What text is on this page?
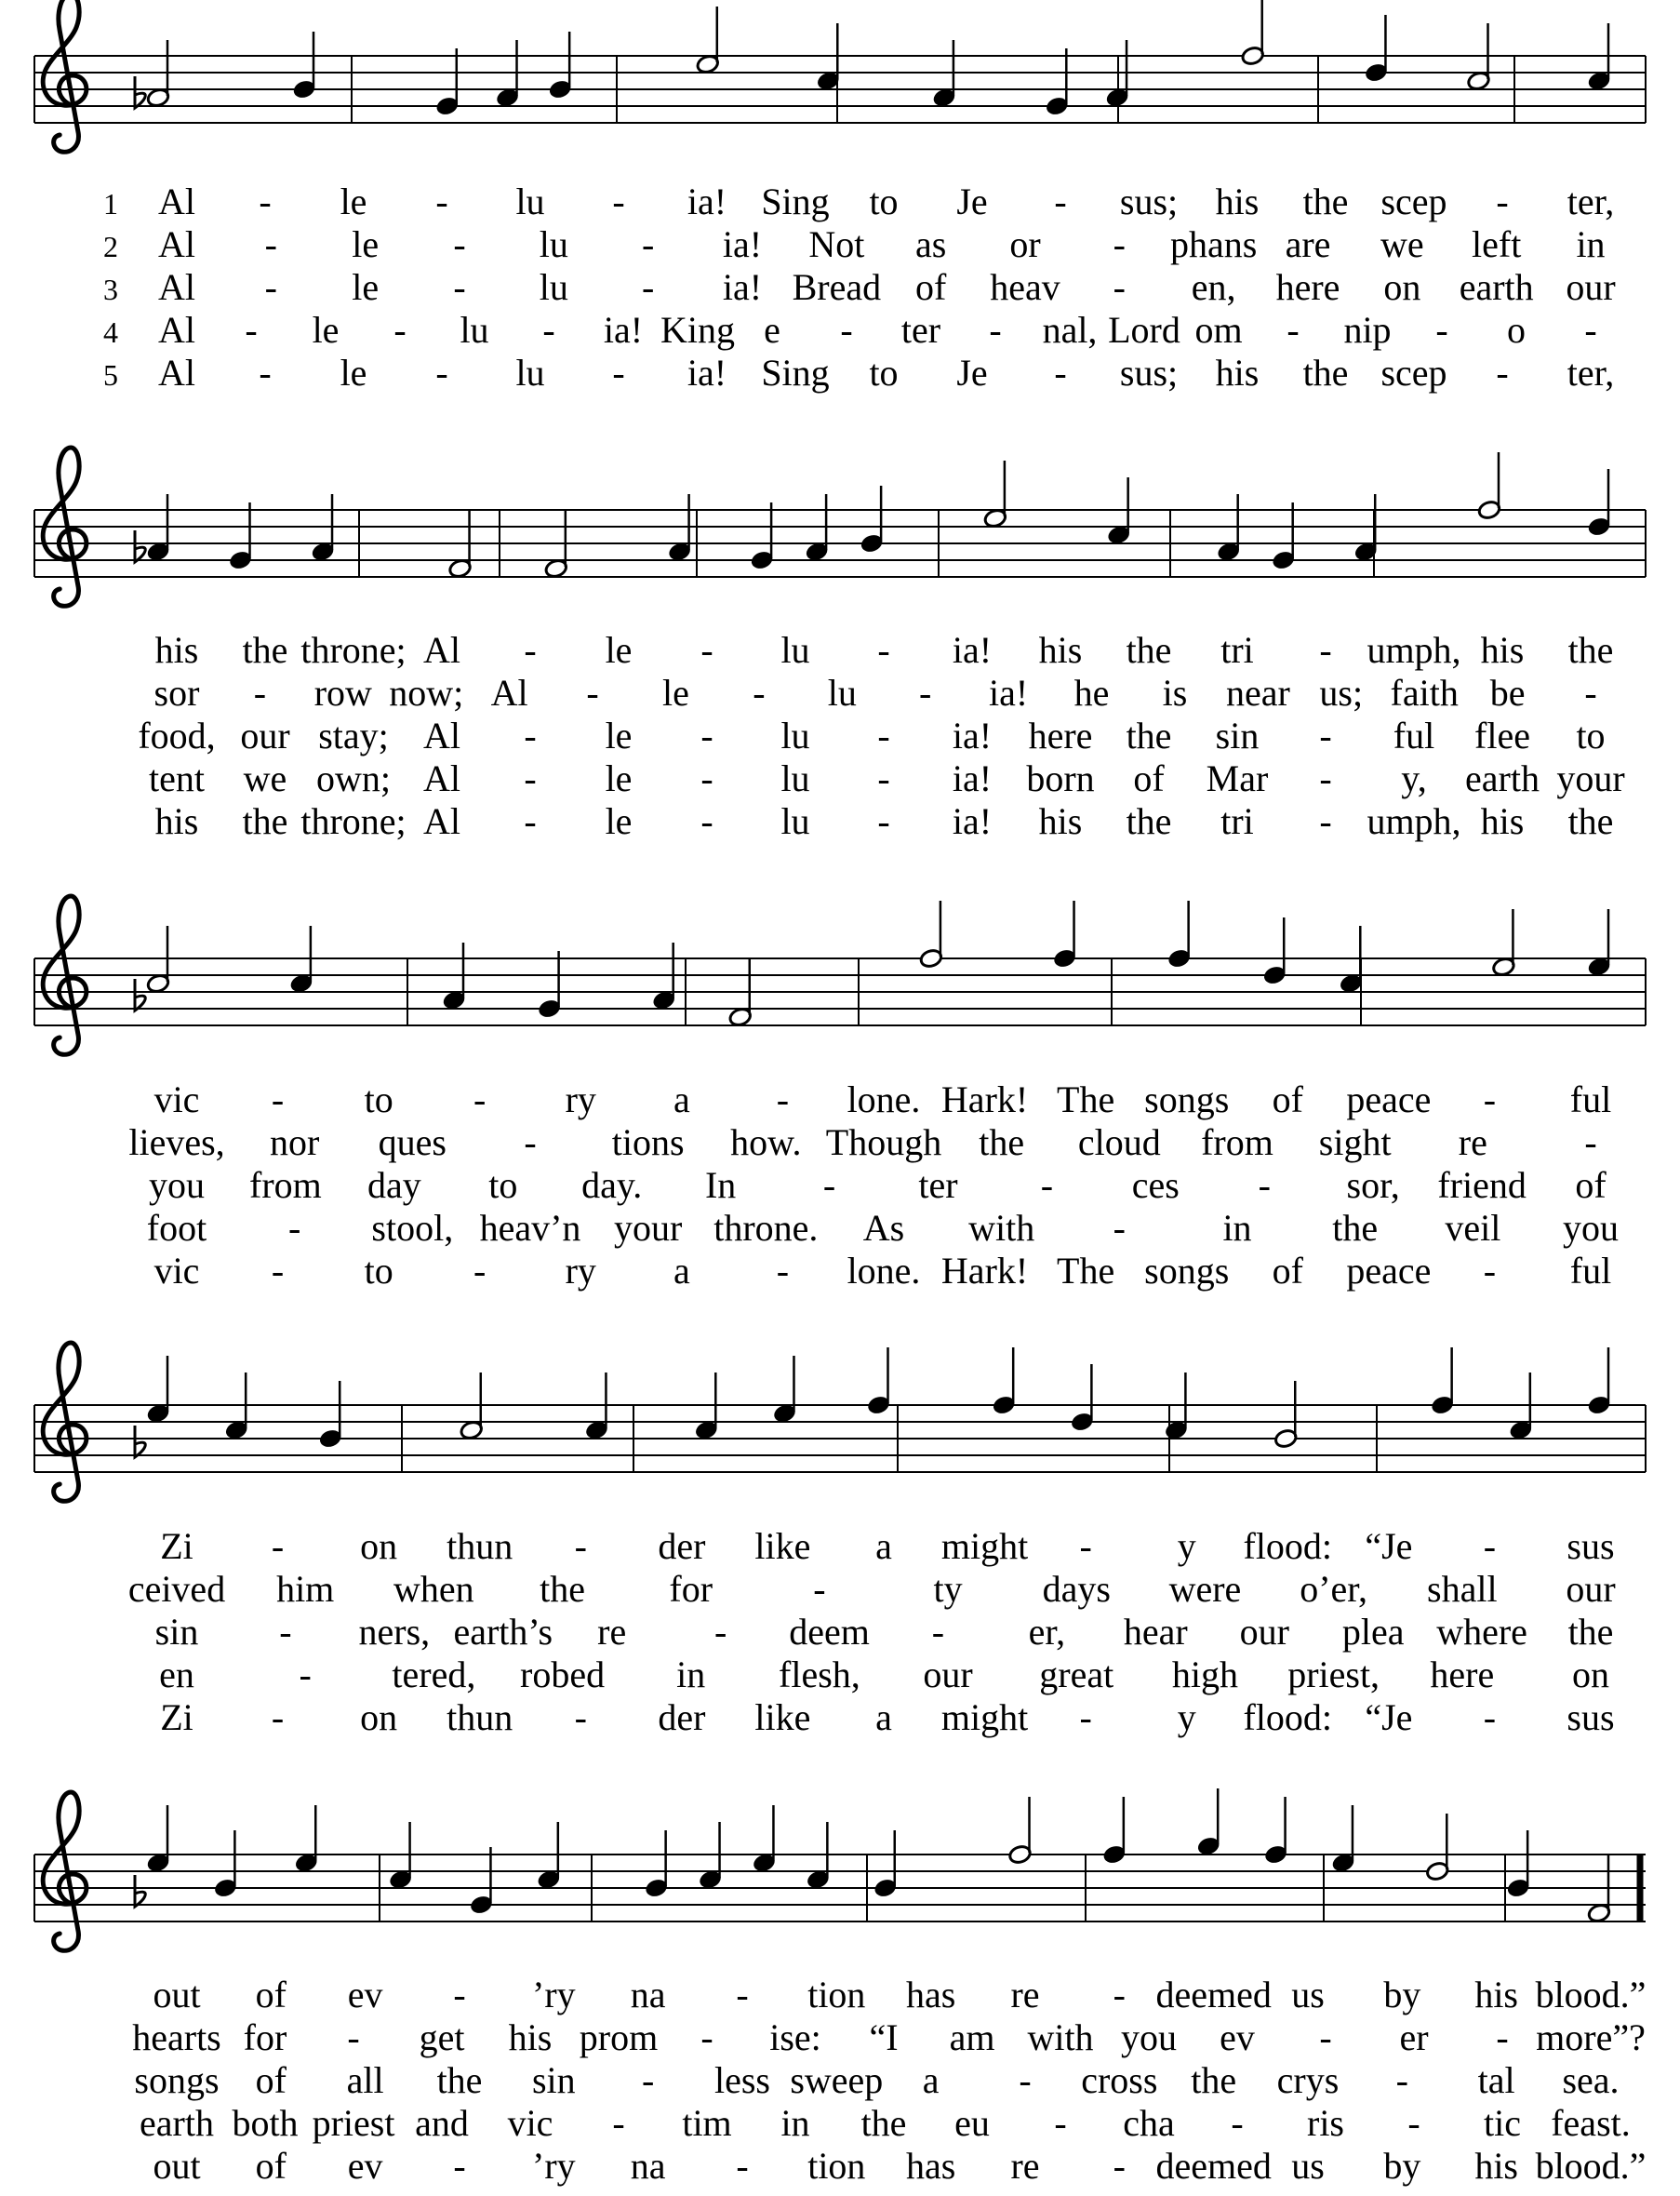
1
2
3
4
5
Al - le - lu - ia! Sing to Je - sus; his the scep - ter,
Al - le - lu - ia! Not as or - phans are we left in
Al - le - lu - ia! Bread of heav - en, here on earth our
Al - le - lu - ia! King e - ter - nal, Lord om - nip - o -
Al - le - lu - ia! Sing to Je - sus; his the scep - ter,
his the throne; Al - le - lu - ia! his the tri - umph, his the
sor - row now; Al - le - lu - ia! he is near us; faith be -
food, our stay; Al - le - lu - ia! here the sin - ful flee to
tent we own; Al - le - lu - ia! born of Mar - y, earth your
his the throne; Al - le - lu - ia! his the tri - umph, his the
vic - to - ry a - lone. Hark! The songs of peace - ful
lieves, nor ques - tions how. Though the cloud from sight re	-
you from day to day. In - ter - ces - sor, friend of
foot - stool, heav’n your throne. As with -	in the veil you
vic - to - ry a - lone. Hark! The songs of peace - ful
Zi - on thun - der like a might - y flood: “Je - sus
ceived him when the for	-	ty days were o’er, shall our
sin - ners, earth’s re - deem - er, hear our plea where the
en	- tered, robed in flesh, our great high priest, here on
Zi - on thun - der like a might - y flood: “Je - sus
out of ev - ’ry na - tion has re - deemed us by his blood.”
hearts for - get his prom - ise: “I am with you ev - er - more”?
songs of all the sin - less sweep a - cross the crys - tal sea.
earth both priest and vic - tim in the eu - cha - ris - tic feast.
out of ev - ’ry na - tion has re - deemed us by his blood.”
